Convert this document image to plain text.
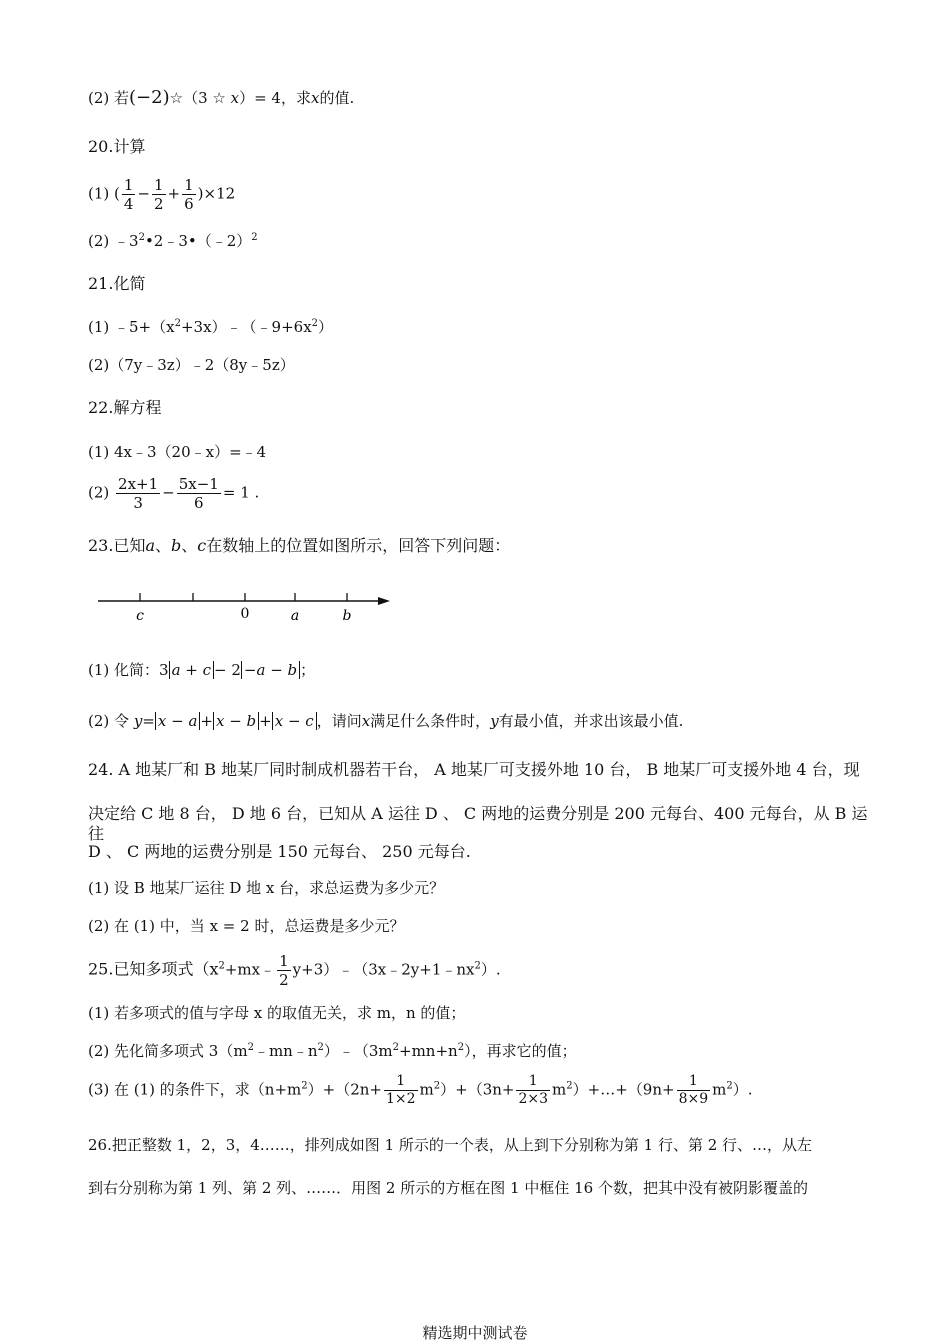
(2) 若(−2)☆（3 ☆ x）= 4，求x的值.
20.计算
(1) ( $\frac{1}{4} - \frac{1}{2} + \frac{1}{6} )\times 12$
(2) $﹣3^2•2﹣3•(﹣2)^2$
21.化简
(1) $﹣5+(x^2+3x)﹣(﹣9+6x^2)$
(2)（7y﹣3z）﹣2（8y﹣5z）
22.解方程
(1) 4x﹣3（20﹣x）=﹣4
$(2) \frac{2x+1}{3} - \frac{5x-1}{6} = 1$ .
23.已知a、b、c在数轴上的位置如图所示，回答下列问题：
c	0	a	b
(1) 化简：3 a + c − 2 −a − b ；
(2) 令 y= x − a + x − b + x − c ，请问x满足什么条件时，y有最小值，并求出该最小值.
24. A 地某厂和 B 地某厂同时制成机器若干台， A 地某厂可支援外地 10 台， B 地某厂可支援外地 4 台，现
决定给 C 地 8 台， D 地 6 台，已知从 A 运往 D 、 C 两地的运费分别是 200 元每台、400 元每台，从 B 运往
D 、 C 两地的运费分别是 150 元每台、 250 元每台.
(1) 设 B 地某厂运往 D 地 x 台，求总运费为多少元？
(2) 在 (1) 中，当 x = 2 时，总运费是多少元？
25.已知多项式（$x^2+mx﹣ \frac{1}{2}$ $y+3)﹣(3x﹣2y+1﹣nx^2)$.
(1) 若多项式的值与字母 x 的取值无关，求 m，n 的值；
(2) 先化简多项式 $3(m^2﹣mn﹣n^2)﹣(3m^2+mn+n^2)$，再求它的值；
(3) 在 (1) 的条件下，求$(n+m^2)+(2n+ \frac{1}{1\times 2} m^2)+(3n+ \frac{1}{2\times 3}$ $m^2)+\dots+(9n+ \frac{1}{8\times 9} m^2)$.
26.把正整数 1，2，3，4……，排列成如图 1 所示的一个表，从上到下分别称为第 1 行、第 2 行、…，从左
到右分别称为第 1 列、第 2 列、……．用图 2 所示的方框在图 1 中框住 16 个数，把其中没有被阴影覆盖的
精选期中测试卷
